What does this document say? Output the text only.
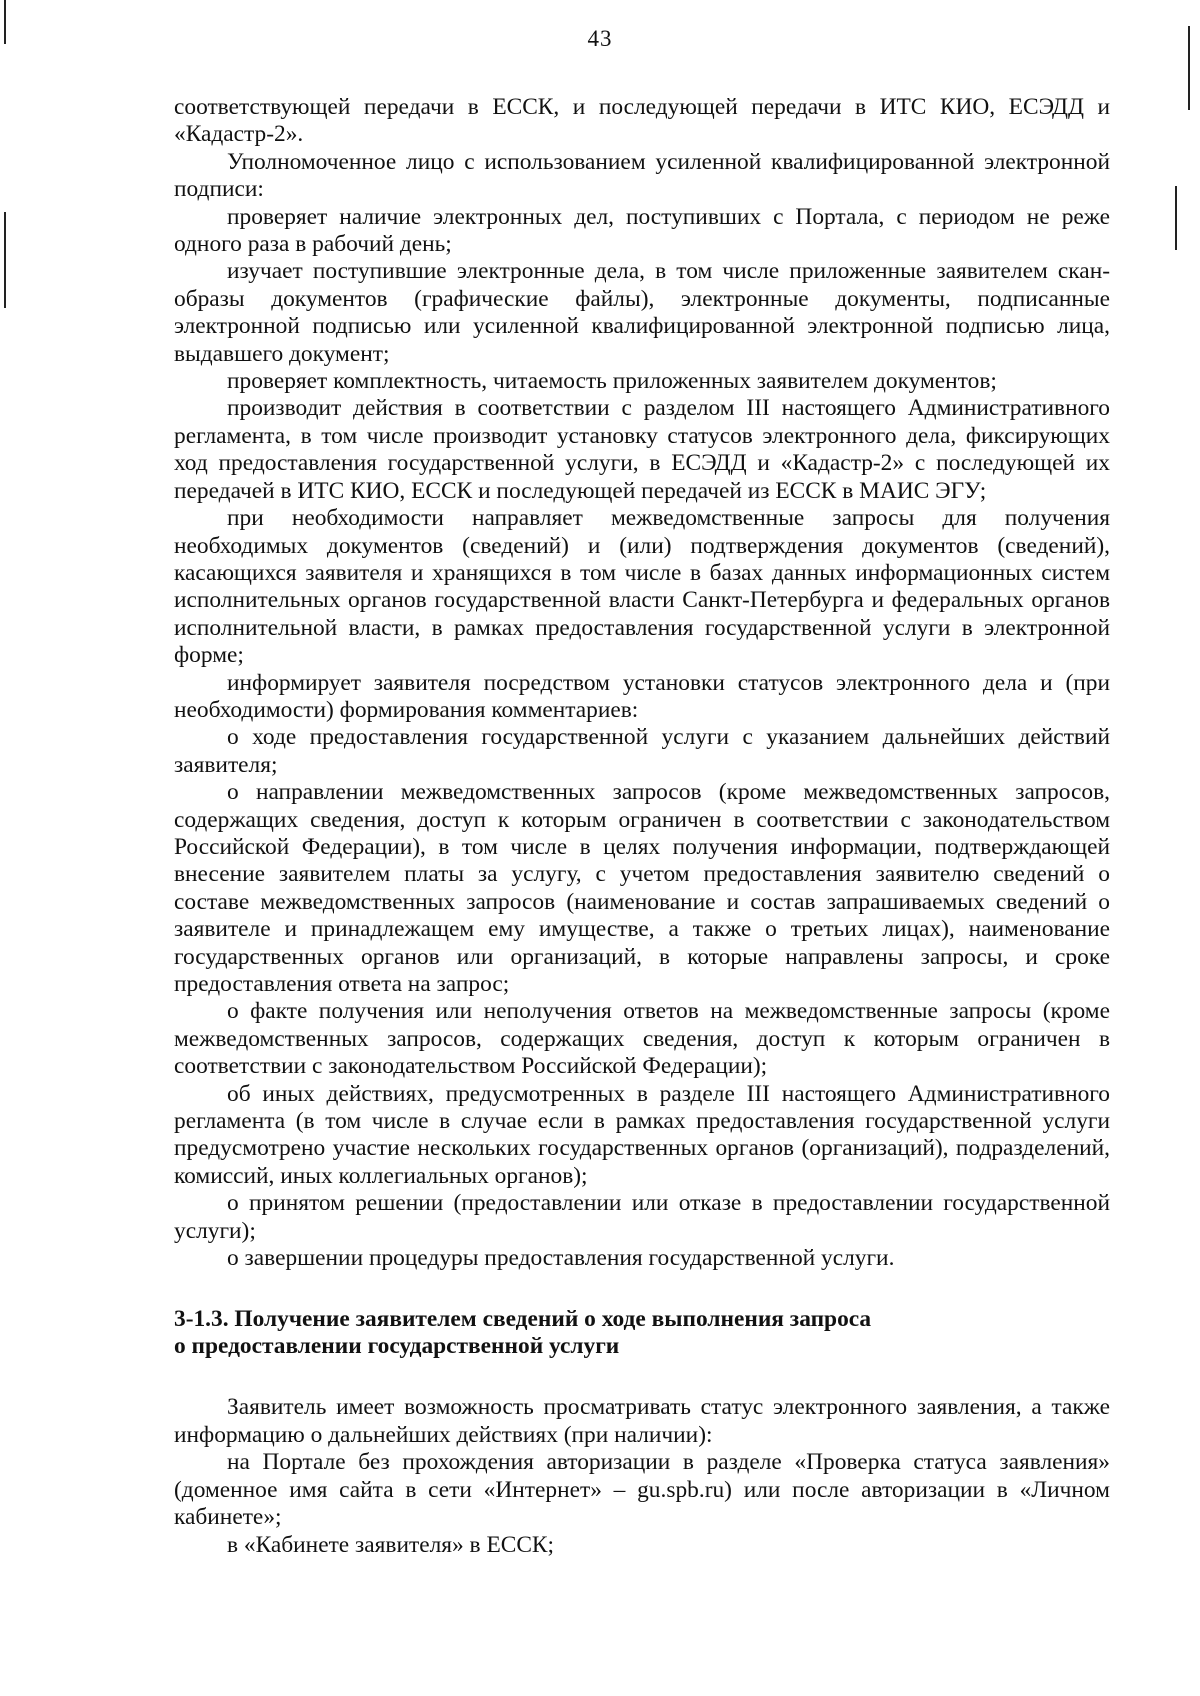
43

соответствующей передачи в ЕССК, и последующей передачи в ИТС КИО, ЕСЭДД и «Кадастр-2».

Уполномоченное лицо с использованием усиленной квалифицированной электронной подписи:

проверяет наличие электронных дел, поступивших с Портала, с периодом не реже одного раза в рабочий день;

изучает поступившие электронные дела, в том числе приложенные заявителем скан-образы документов (графические файлы), электронные документы, подписанные электронной подписью или усиленной квалифицированной электронной подписью лица, выдавшего документ;

проверяет комплектность, читаемость приложенных заявителем документов;

производит действия в соответствии с разделом III настоящего Административного регламента, в том числе производит установку статусов электронного дела, фиксирующих ход предоставления государственной услуги, в ЕСЭДД и «Кадастр-2» с последующей их передачей в ИТС КИО, ЕССК и последующей передачей из ЕССК в МАИС ЭГУ;

при необходимости направляет межведомственные запросы для получения необходимых документов (сведений) и (или) подтверждения документов (сведений), касающихся заявителя и хранящихся в том числе в базах данных информационных систем исполнительных органов государственной власти Санкт-Петербурга и федеральных органов исполнительной власти, в рамках предоставления государственной услуги в электронной форме;

информирует заявителя посредством установки статусов электронного дела и (при необходимости) формирования комментариев:

о ходе предоставления государственной услуги с указанием дальнейших действий заявителя;

о направлении межведомственных запросов (кроме межведомственных запросов, содержащих сведения, доступ к которым ограничен в соответствии с законодательством Российской Федерации), в том числе в целях получения информации, подтверждающей внесение заявителем платы за услугу, с учетом предоставления заявителю сведений о составе межведомственных запросов (наименование и состав запрашиваемых сведений о заявителе и принадлежащем ему имуществе, а также о третьих лицах), наименование государственных органов или организаций, в которые направлены запросы, и сроке предоставления ответа на запрос;

о факте получения или неполучения ответов на межведомственные запросы (кроме межведомственных запросов, содержащих сведения, доступ к которым ограничен в соответствии с законодательством Российской Федерации);

об иных действиях, предусмотренных в разделе III настоящего Административного регламента (в том числе в случае если в рамках предоставления государственной услуги предусмотрено участие нескольких государственных органов (организаций), подразделений, комиссий, иных коллегиальных органов);

о принятом решении (предоставлении или отказе в предоставлении государственной услуги);

о завершении процедуры предоставления государственной услуги.

3-1.3. Получение заявителем сведений о ходе выполнения запроса
о предоставлении государственной услуги

Заявитель имеет возможность просматривать статус электронного заявления, а также информацию о дальнейших действиях (при наличии):

на Портале без прохождения авторизации в разделе «Проверка статуса заявления» (доменное имя сайта в сети «Интернет» – gu.spb.ru) или после авторизации в «Личном кабинете»;

в «Кабинете заявителя» в ЕССК;
